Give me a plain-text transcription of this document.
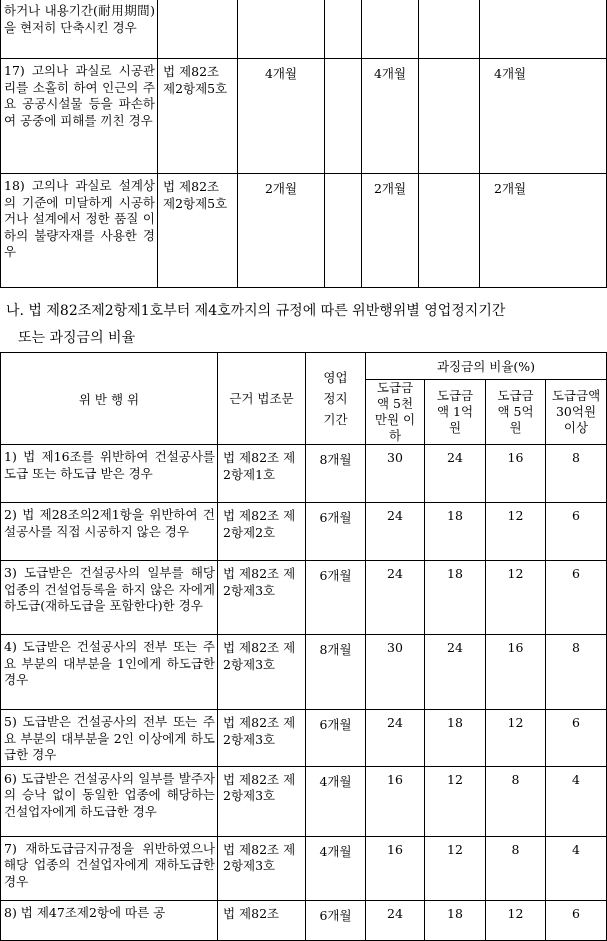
하거나 내용기간(耐用期間)을 현저히 단축시킨 경우						
17) 고의나 과실로 시공관리를 소홀히 하여 인근의 주요 공공시설물 등을 파손하여 공중에 피해를 끼친 경우	법 제82조 제2항제5호	4개월		4개월		4개월
18) 고의나 과실로 설계상의 기준에 미달하게 시공하거나 설계에서 정한 품질 이하의 불량자재를 사용한 경우	법 제82조 제2항제5호	2개월		2개월		2개월
나. 법 제82조제2항제1호부터 제4호까지의 규정에 따른 위반행위별 영업정지기간
또는 과징금의 비율
위 반 행 위	근거 법조문	영업 정지 기간	과징금의 비율(%)			
			도급금액 5천만원 이하	도급금액 1억원	도급금액 5억원	도급금액 30억원 이상
1) 법 제16조를 위반하여 건설공사를 도급 또는 하도급 받은 경우	법 제82조 제2항제1호	8개월	30	24	16	8
2) 법 제28조의2제1항을 위반하여 건설공사를 직접 시공하지 않은 경우	법 제82조 제2항제2호	6개월	24	18	12	6
3) 도급받은 건설공사의 일부를 해당 업종의 건설업등록을 하지 않은 자에게 하도급(재하도급을 포함한다)한 경우	법 제82조 제2항제3호	6개월	24	18	12	6
4) 도급받은 건설공사의 전부 또는 주요 부분의 대부분을 1인에게 하도급한 경우	법 제82조 제2항제3호	8개월	30	24	16	8
5) 도급받은 건설공사의 전부 또는 주요 부분의 대부분을 2인 이상에게 하도급한 경우	법 제82조 제2항제3호	6개월	24	18	12	6
6) 도급받은 건설공사의 일부를 발주자의 승낙 없이 동일한 업종에 해당하는 건설업자에게 하도급한 경우	법 제82조 제2항제3호	4개월	16	12	8	4
7) 재하도급금지규정을 위반하였으나 해당 업종의 건설업자에게 재하도급한 경우	법 제82조 제2항제3호	4개월	16	12	8	4
8) 법 제47조제2항에 따른 공	법 제82조	6개월	24	18	12	6
